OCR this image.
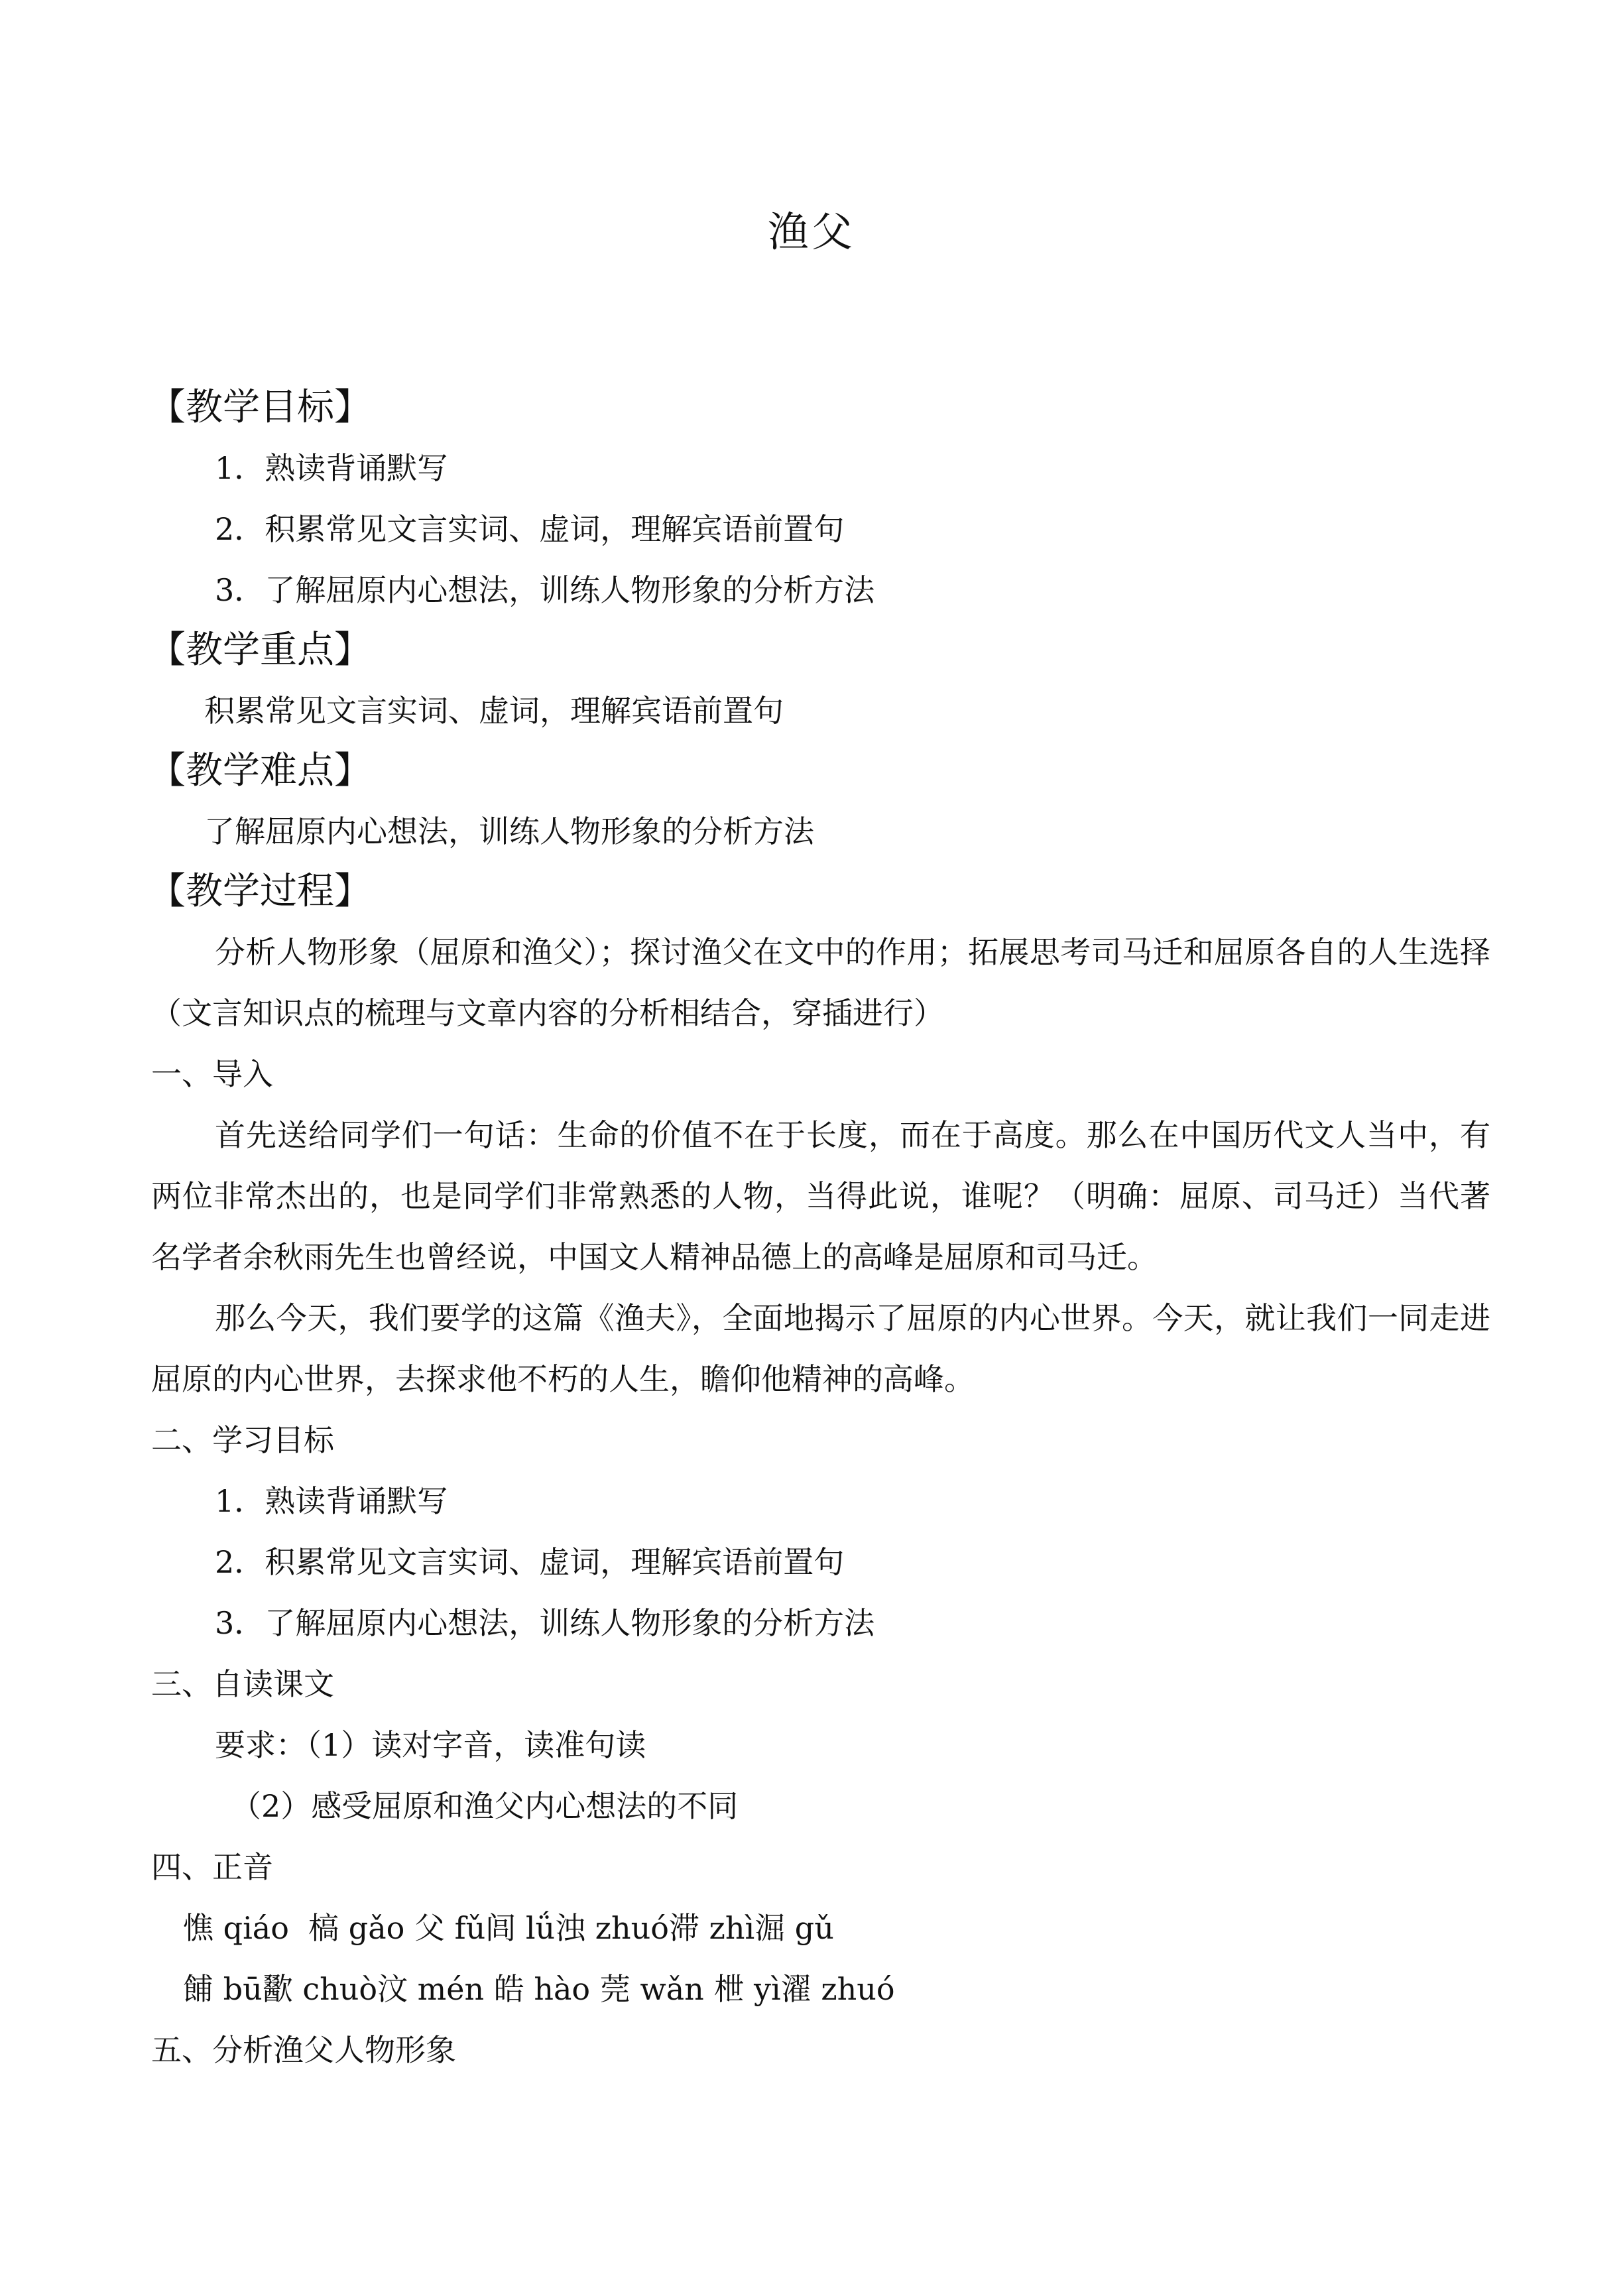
渔父
【教学目标】
1．熟读背诵默写
2．积累常见文言实词、虚词，理解宾语前置句
3．了解屈原内心想法，训练人物形象的分析方法
【教学重点】
积累常见文言实词、虚词，理解宾语前置句
【教学难点】
了解屈原内心想法，训练人物形象的分析方法
【教学过程】

分析人物形象（屈原和渔父）；探讨渔父在文中的作用；拓展思考司马迁和屈原各自的人生选择（文言知识点的梳理与文章内容的分析相结合，穿插进行）

一、导入

首先送给同学们一句话：生命的价值不在于长度，而在于高度。那么在中国历代文人当中，有两位非常杰出的，也是同学们非常熟悉的人物，当得此说，谁呢？（明确：屈原、司马迁）当代著名学者余秋雨先生也曾经说，中国文人精神品德上的高峰是屈原和司马迁。

那么今天，我们要学的这篇《渔夫》，全面地揭示了屈原的内心世界。今天，就让我们一同走进屈原的内心世界，去探求他不朽的人生，瞻仰他精神的高峰。

二、学习目标
1．熟读背诵默写
2．积累常见文言实词、虚词，理解宾语前置句
3．了解屈原内心想法，训练人物形象的分析方法
三、自读课文
要求：（1）读对字音，读准句读
（2）感受屈原和渔父内心想法的不同
四、正音
憔 qiáo  槁 gǎo 父 fǔ闾 lǘ浊 zhuó滞 zhì淈 gǔ
餔 bū歠 chuò汶 mén 皓 hào 莞 wǎn 枻 yì濯 zhuó
五、分析渔父人物形象
